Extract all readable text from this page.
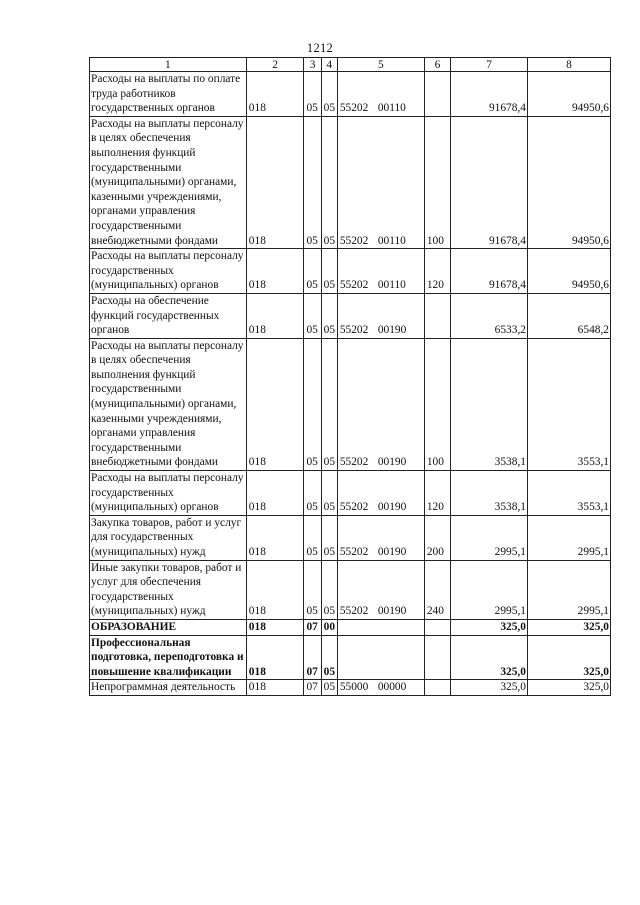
1212
1	2	3	4	5	6	7	8
Расходы на выплаты по оплате труда работников государственных органов	018	05	05	55202 00110		91678,4	94950,6
Расходы на выплаты персоналу в целях обеспечения выполнения функций государственными (муниципальными) органами, казенными учреждениями, органами управления государственными внебюджетными фондами	018	05	05	55202 00110	100	91678,4	94950,6
Расходы на выплаты персоналу государственных (муниципальных) органов	018	05	05	55202 00110	120	91678,4	94950,6
Расходы на обеспечение функций государственных органов	018	05	05	55202 00190		6533,2	6548,2
Расходы на выплаты персоналу в целях обеспечения выполнения функций государственными (муниципальными) органами, казенными учреждениями, органами управления государственными внебюджетными фондами	018	05	05	55202 00190	100	3538,1	3553,1
Расходы на выплаты персоналу государственных (муниципальных) органов	018	05	05	55202 00190	120	3538,1	3553,1
Закупка товаров, работ и услуг для государственных (муниципальных) нужд	018	05	05	55202 00190	200	2995,1	2995,1
Иные закупки товаров, работ и услуг для обеспечения государственных (муниципальных) нужд	018	05	05	55202 00190	240	2995,1	2995,1
ОБРАЗОВАНИЕ	018	07	00			325,0	325,0
Профессиональная подготовка, переподготовка и повышение квалификации	018	07	05			325,0	325,0
Непрограммная деятельность	018	07	05	55000 00000		325,0	325,0
